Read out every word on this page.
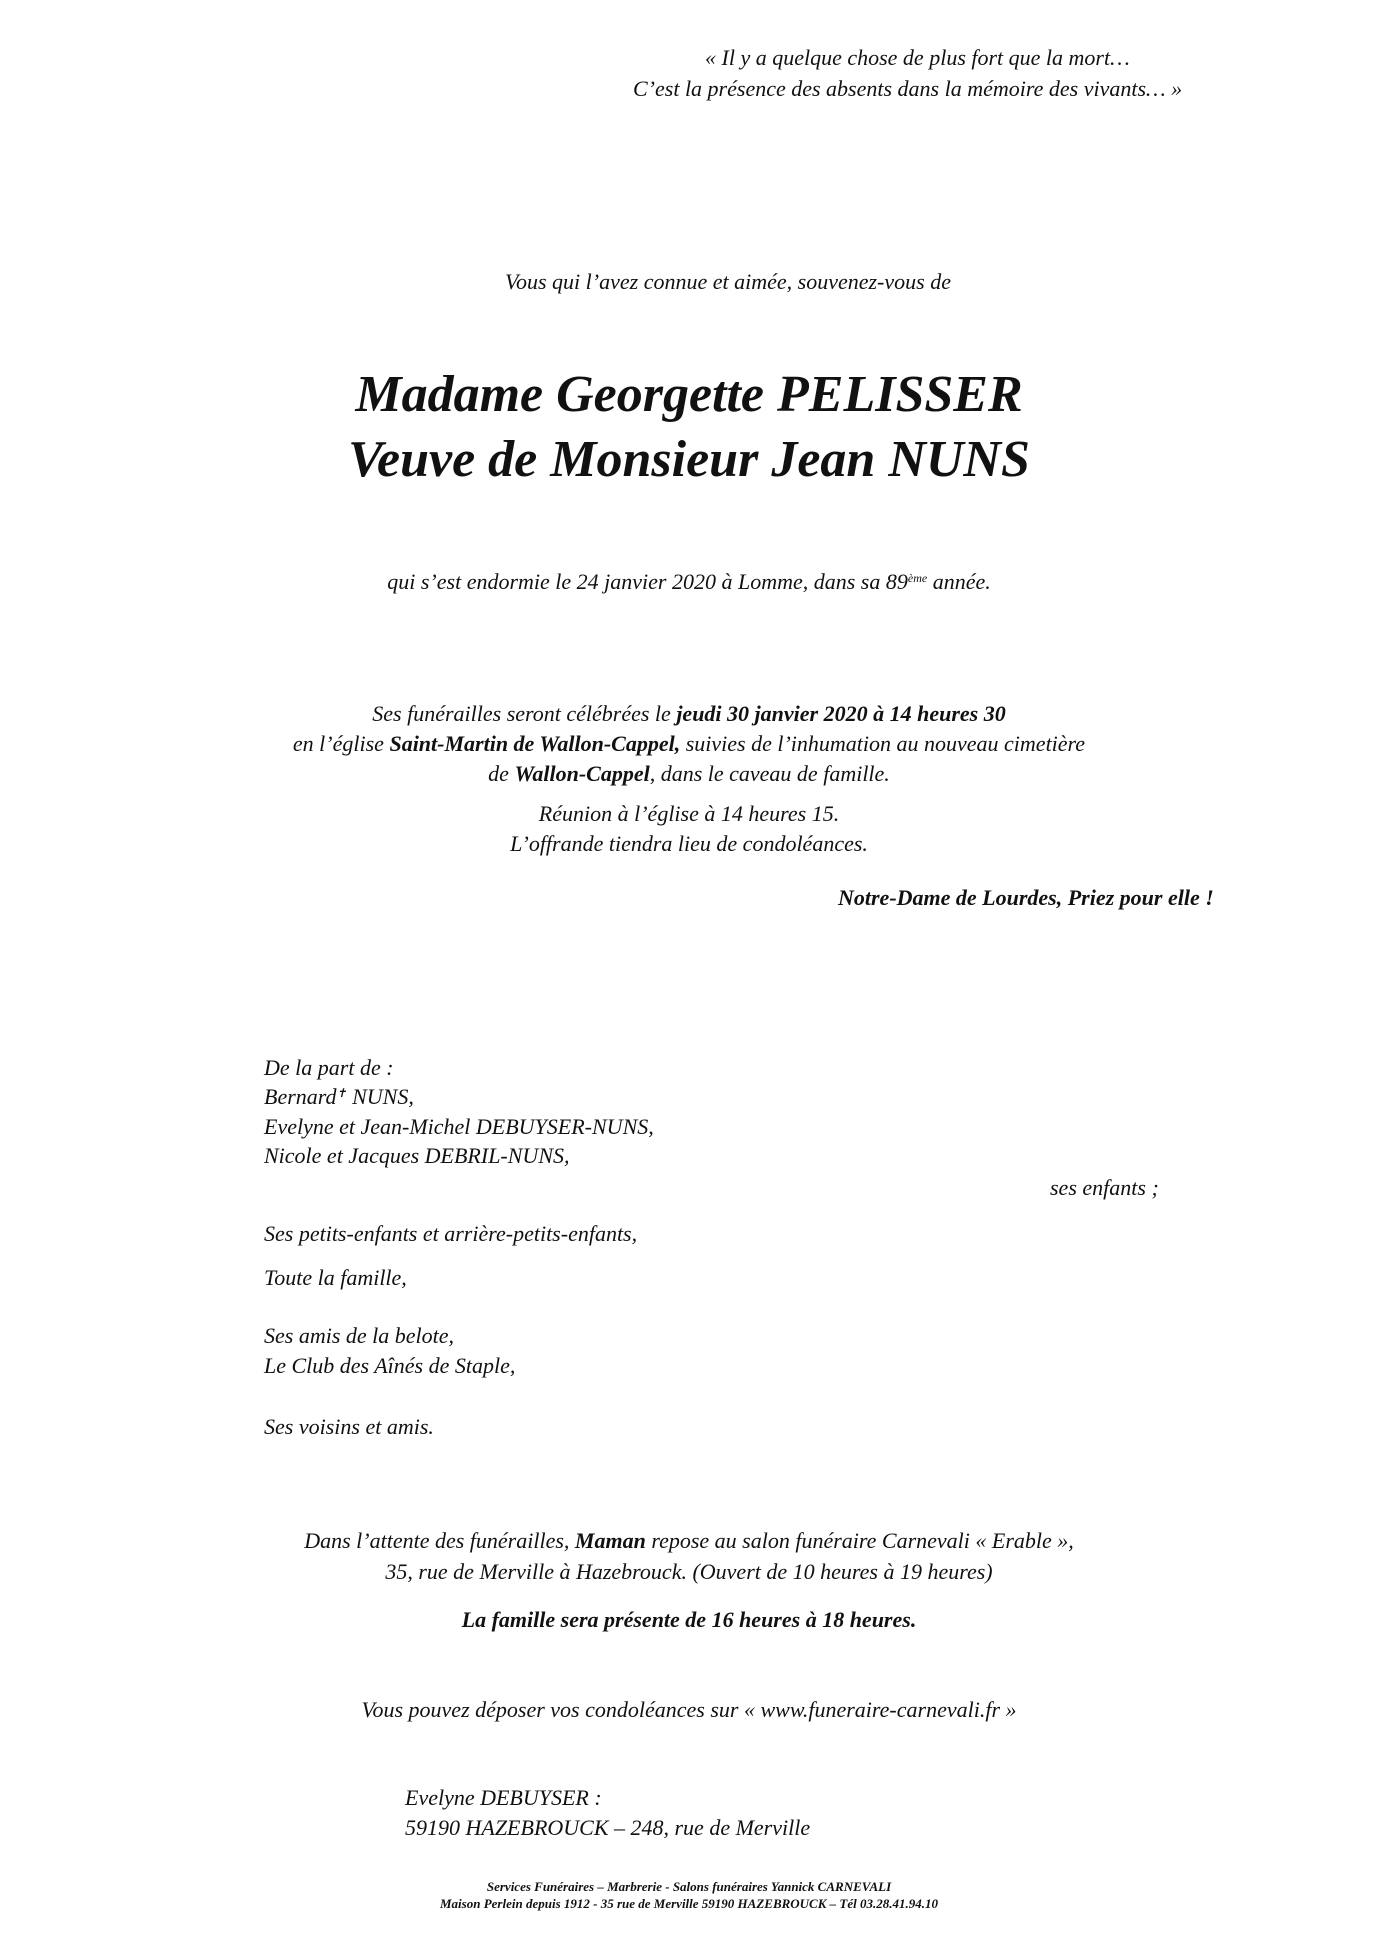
« Il y a quelque chose de plus fort que la mort…
C’est la présence des absents dans la mémoire des vivants… »
Vous qui l’avez connue et aimée, souvenez-vous de
Madame Georgette PELISSER
Veuve de Monsieur Jean NUNS
qui s’est endormie le 24 janvier 2020 à Lomme, dans sa 89ème année.
Ses funérailles seront célébrées le jeudi 30 janvier 2020 à 14 heures 30
en l’église Saint-Martin de Wallon-Cappel, suivies de l’inhumation au nouveau cimetière
de Wallon-Cappel, dans le caveau de famille.
Réunion à l’église à 14 heures 15.
L’offrande tiendra lieu de condoléances.
Notre-Dame de Lourdes, Priez pour elle !
De la part de :
Bernard✝ NUNS,
Evelyne et Jean-Michel DEBUYSER-NUNS,
Nicole et Jacques DEBRIL-NUNS,
ses enfants ;
Ses petits-enfants et arrière-petits-enfants,
Toute la famille,
Ses amis de la belote,
Le Club des Aînés de Staple,
Ses voisins et amis.
Dans l’attente des funérailles, Maman repose au salon funéraire Carnevali « Erable »,
35, rue de Merville à Hazebrouck. (Ouvert de 10 heures à 19 heures)
La famille sera présente de 16 heures à 18 heures.
Vous pouvez déposer vos condoléances sur « www.funeraire-carnevali.fr »
Evelyne DEBUYSER :
59190 HAZEBROUCK – 248, rue de Merville
Services Funéraires – Marbrerie - Salons funéraires Yannick CARNEVALI
Maison Perlein depuis 1912 - 35 rue de Merville 59190 HAZEBROUCK – Tél 03.28.41.94.10
